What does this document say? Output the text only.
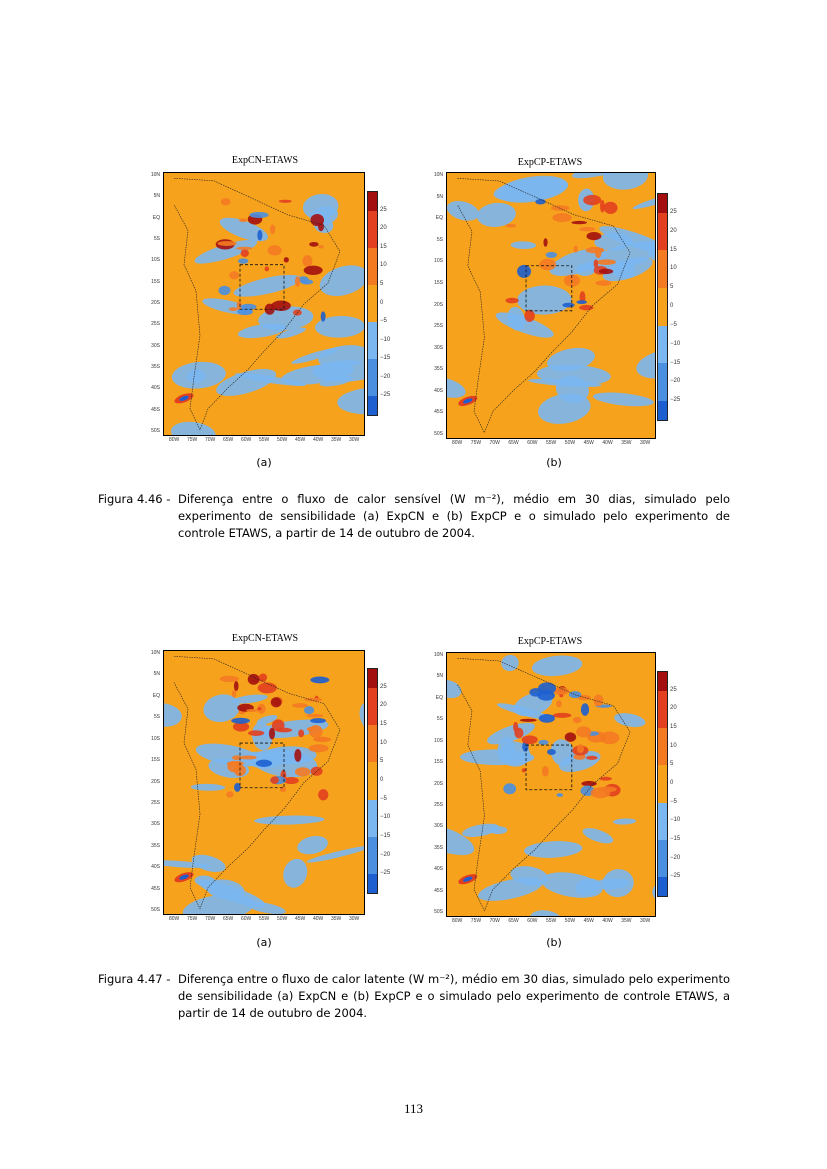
ExpCN-ETAWS
10N
5N
EQ
5S
10S
15S
20S
25S
30S
35S
40S
45S
50S
80W 75W 70W 65W 60W 55W 50W 45W 40W 35W 30W
25
20
15
10
5
0
−5
−10
−15
−20
−25
(a)
ExpCP-ETAWS
10N
5N
EQ
5S
10S
15S
20S
25S
30S
35S
40S
45S
50S
80W 75W 70W 65W 60W 55W 50W 45W 40W 35W 30W
25
20
15
10
5
0
−5
−10
−15
−20
−25
(b)
Figura 4.46 - Diferença entre o fluxo de calor sensível (W m⁻²), médio em 30 dias, simulado pelo experimento de sensibilidade (a) ExpCN e (b) ExpCP e o simulado pelo experimento de controle ETAWS, a partir de 14 de outubro de 2004.
ExpCN-ETAWS
10N
5N
EQ
5S
10S
15S
20S
25S
30S
35S
40S
45S
50S
80W 75W 70W 65W 60W 55W 50W 45W 40W 35W 30W
25
20
15
10
5
0
−5
−10
−15
−20
−25
(a)
ExpCP-ETAWS
10N
5N
EQ
5S
10S
15S
20S
25S
30S
35S
40S
45S
50S
80W 75W 70W 65W 60W 55W 50W 45W 40W 35W 30W
25
20
15
10
5
0
−5
−10
−15
−20
−25
(b)
Figura 4.47 - Diferença entre o fluxo de calor latente (W m⁻²), médio em 30 dias, simulado pelo experimento de sensibilidade (a) ExpCN e (b) ExpCP e o simulado pelo experimento de controle ETAWS, a partir de 14 de outubro de 2004.
113
